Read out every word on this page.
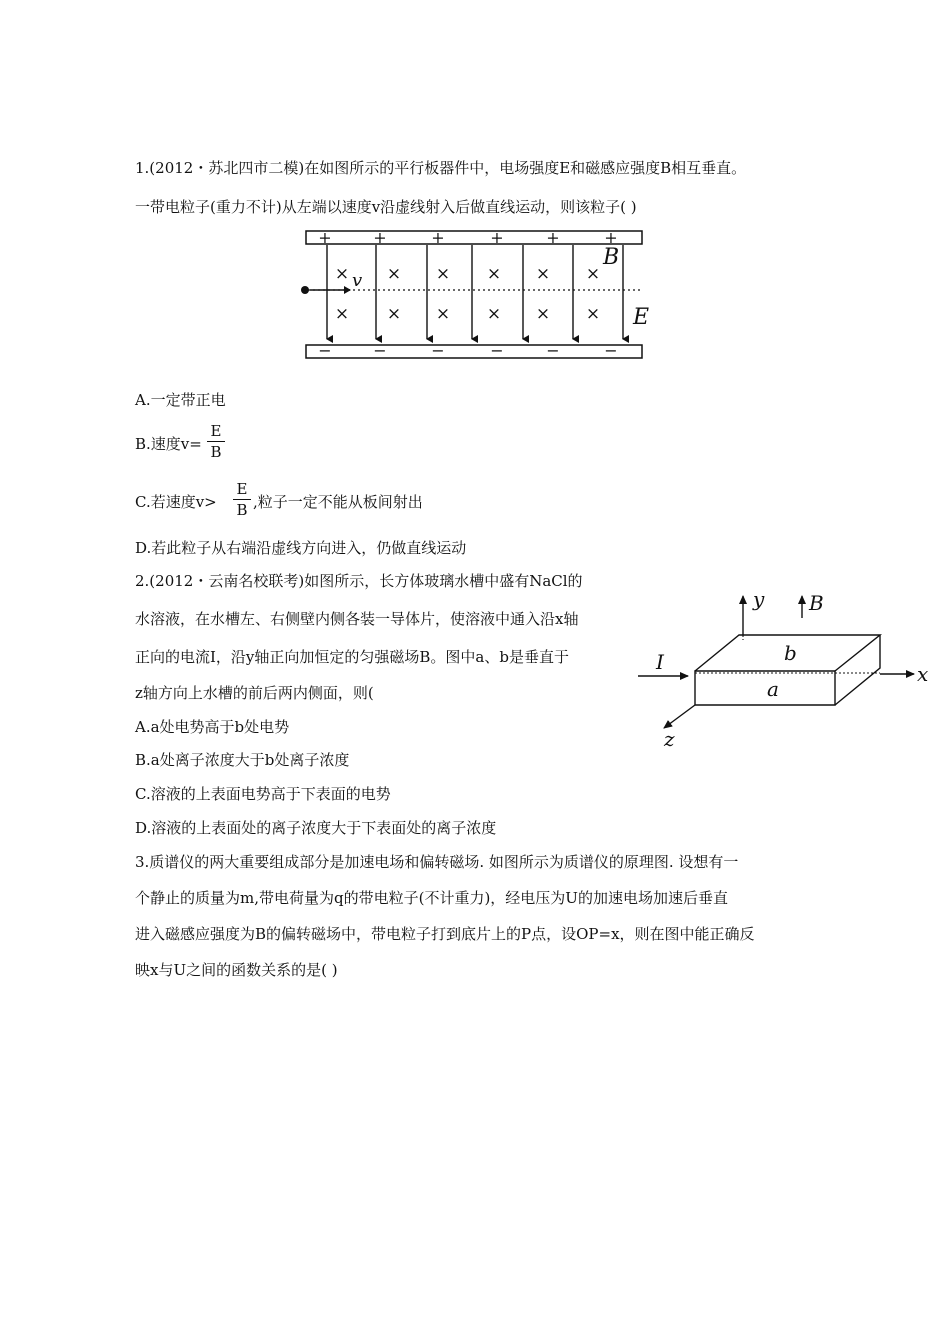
1.(2012・苏北四市二模)在如图所示的平行板器件中，电场强度E和磁感应强度B相互垂直。
一带电粒子(重力不计)从左端以速度v沿虚线射入后做直线运动，则该粒子( )
+	+	+	+	+	+
−	−	−	−	−	−
× × × × × ×
× × × × × ×
v
B
E
A.一定带正电
B.速度v=
E
B
C.若速度v>
E
B ,粒子一定不能从板间射出
D.若此粒子从右端沿虚线方向进入，仍做直线运动
2.(2012・云南名校联考)如图所示，长方体玻璃水槽中盛有NaCl的
水溶液，在水槽左、右侧壁内侧各装一导体片，使溶液中通入沿x轴
正向的电流I，沿y轴正向加恒定的匀强磁场B。图中a、b是垂直于
z轴方向上水槽的前后两内侧面，则(
A.a处电势高于b处电势
B.a处离子浓度大于b处离子浓度
C.溶液的上表面电势高于下表面的电势
D.溶液的上表面处的离子浓度大于下表面处的离子浓度
y B
I	x
z
b
a
3.质谱仪的两大重要组成部分是加速电场和偏转磁场. 如图所示为质谱仪的原理图. 设想有一
个静止的质量为m,带电荷量为q的带电粒子(不计重力)，经电压为U的加速电场加速后垂直
进入磁感应强度为B的偏转磁场中，带电粒子打到底片上的P点，设OP=x，则在图中能正确反
映x与U之间的函数关系的是( )
